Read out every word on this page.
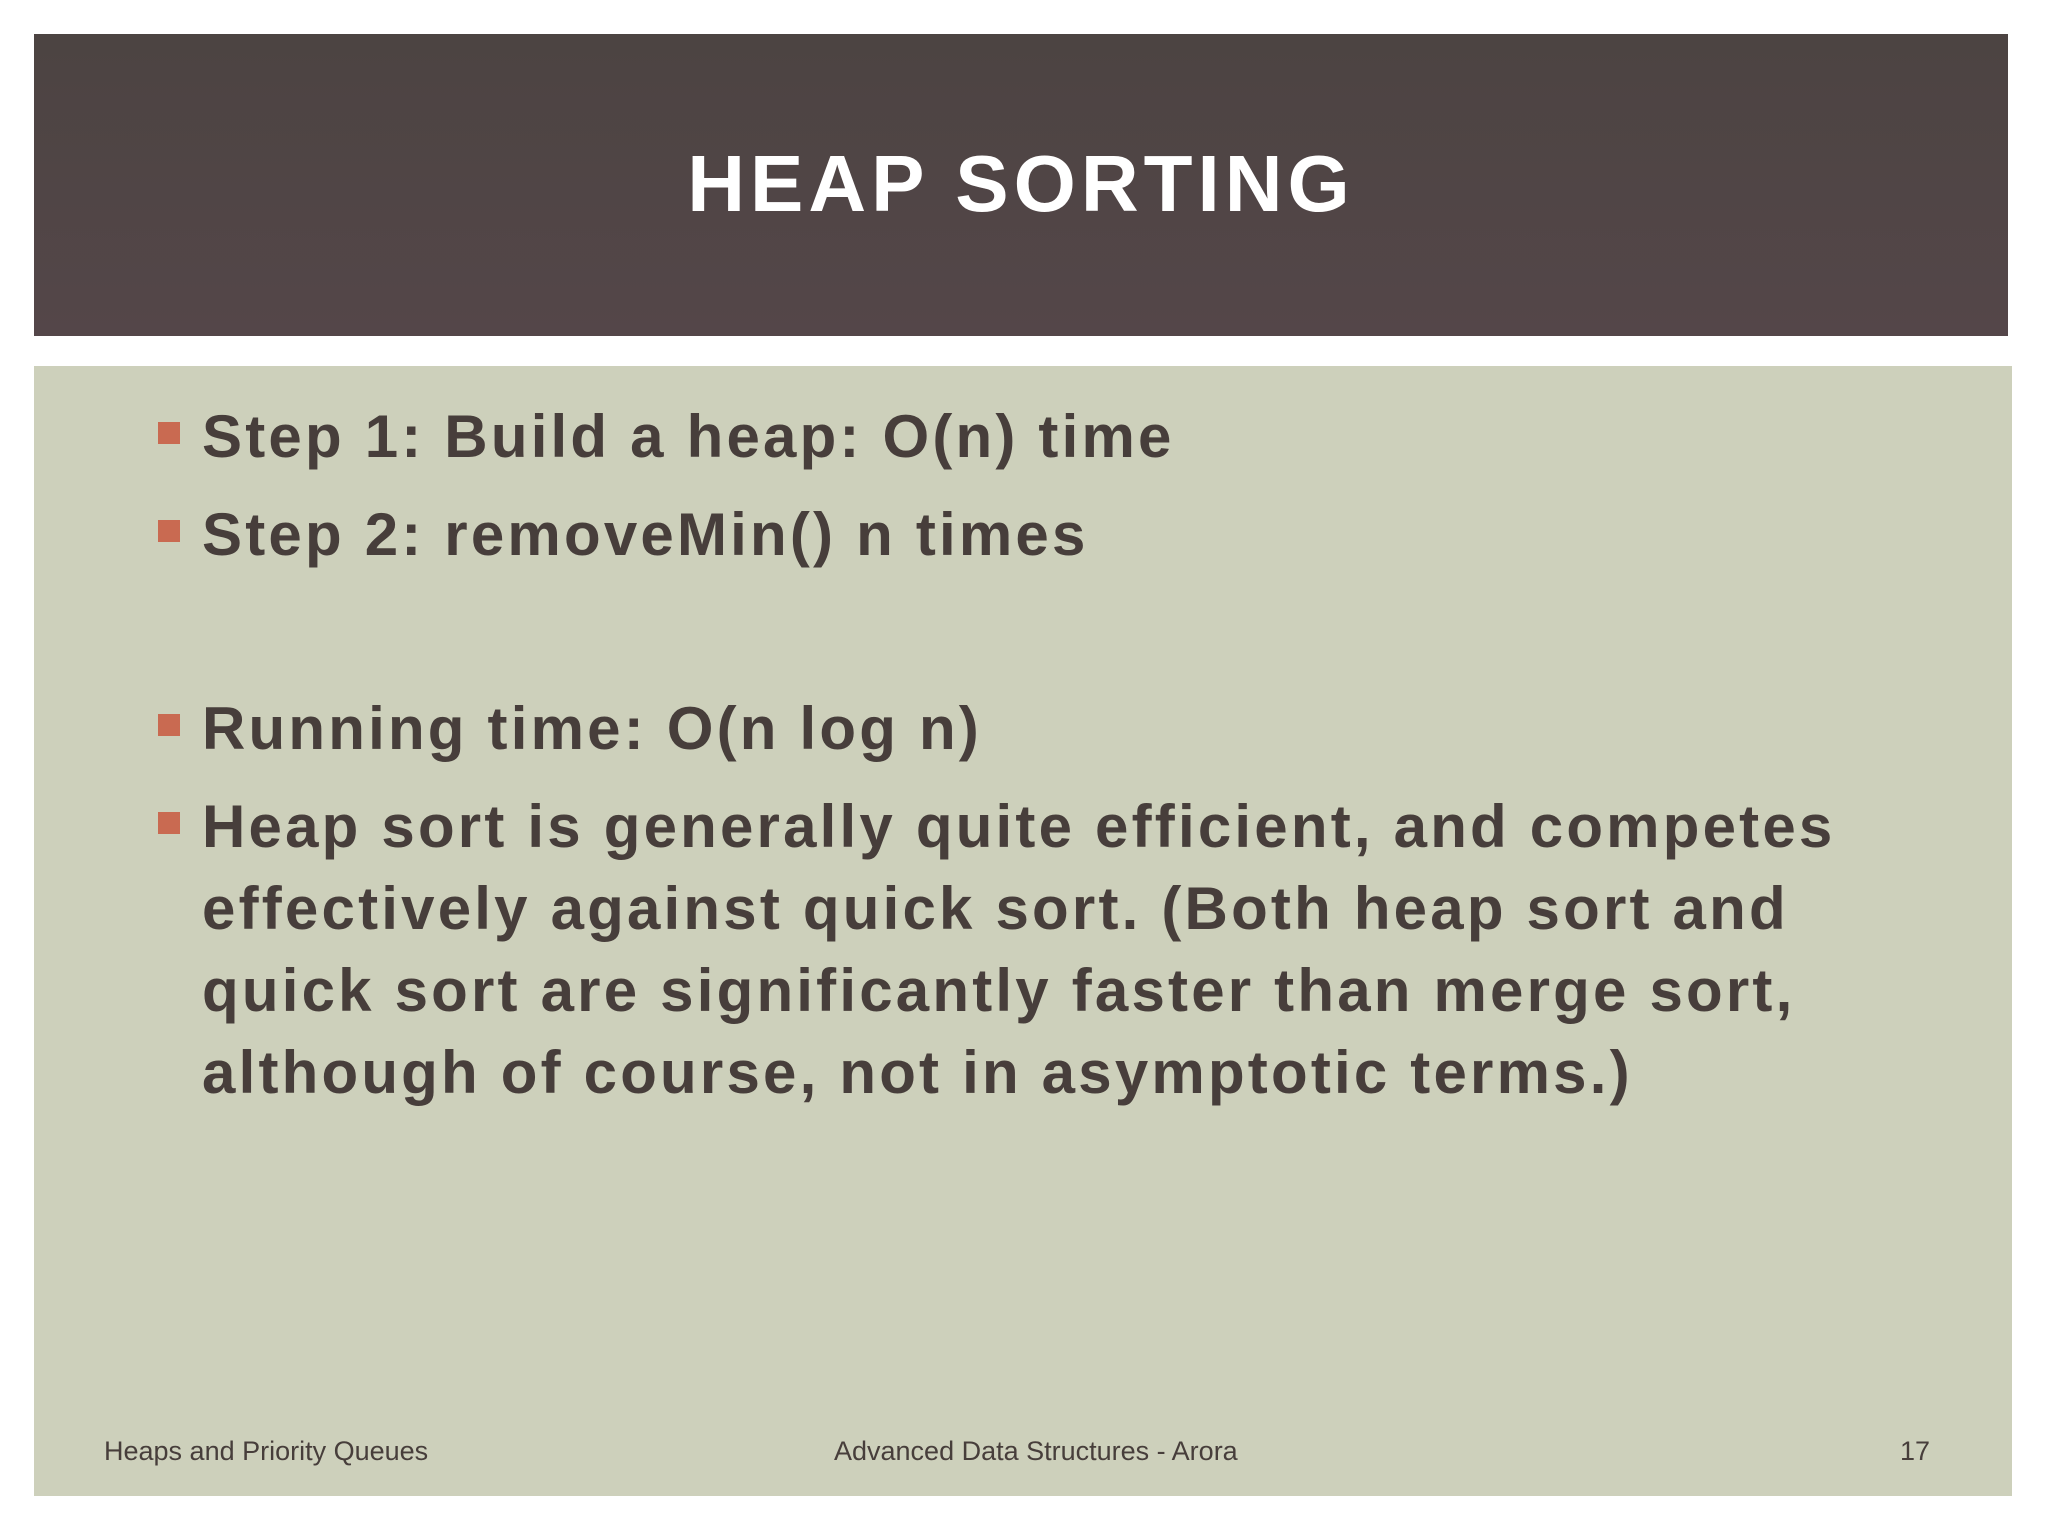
HEAP SORTING
Step 1: Build a heap: O(n) time
Step 2: removeMin() n times
Running time: O(n log n)
Heap sort is generally quite efficient, and competes effectively against quick sort. (Both heap sort and quick sort are significantly faster than merge sort, although of course, not in asymptotic terms.)
Heaps and Priority Queues	Advanced Data Structures - Arora	17
